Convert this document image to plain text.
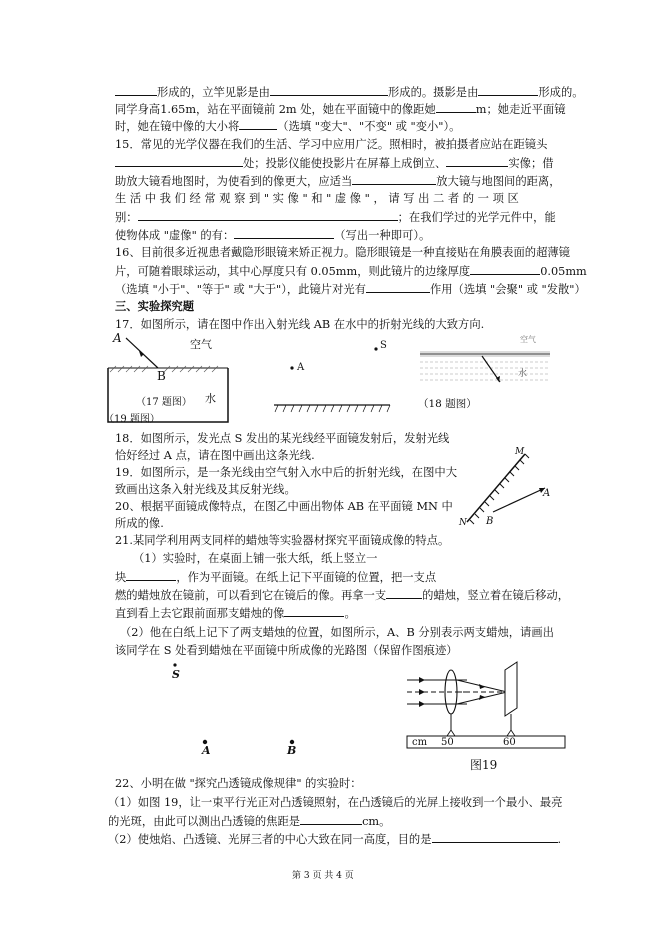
形成的，立竿见影是由	形成的。摄影是由	形成的。
同学身高1.65m，站在平面镜前 2m 处，她在平面镜中的像距她	m；她走近平面镜
时，她在镜中像的大小将	（选填 "变大"、"不变" 或 "变小"）。
15．常见的光学仪器在我们的生活、学习中应用广泛。照相时，被拍摄者应站在距镜头
处；投影仪能使投影片在屏幕上成倒立、	实像；借
助放大镜看地图时，为使看到的像更大，应适当	放大镜与地图间的距离，
生 活 中 我 们 经 常 观 察 到 " 实 像 " 和 " 虚 像 " ， 请 写 出 二 者 的 一 项 区
别：	；在我们学过的光学元件中，能
使物体成 "虚像" 的有：	（写出一种即可）。
16、目前很多近视患者戴隐形眼镜来矫正视力。隐形眼镜是一种直接贴在角膜表面的超薄镜
片，可随着眼球运动，其中心厚度只有 0.05mm，则此镜片的边缘厚度	0.05mm
（选填 "小于"、"等于" 或 "大于"），此镜片对光有	作用（选填 "会聚" 或 "发散"）
三、实验探究题
17．如图所示，请在图中作出入射光线 AB 在水中的折射光线的大致方向.
A
B
空气
水
（17 题图）
（19 题图）
S
A
空气
水
（18 题图）
18．如图所示，发光点 S 发出的某光线经平面镜发射后，发射光线
恰好经过 A 点，请在图中画出这条光线.
19．如图所示，是一条光线由空气射入水中后的折射光线，在图中大
致画出这条入射光线及其反射光线。
20、根据平面镜成像特点，在图乙中画出物体 AB 在平面镜 MN 中
所成的像.
M
N
A
B
21.某同学利用两支同样的蜡烛等实验器材探究平面镜成像的特点。
（1）实验时，在桌面上铺一张大纸，纸上竖立一
块	，作为平面镜。在纸上记下平面镜的位置，把一支点
燃的蜡烛放在镜前，可以看到它在镜后的像。再拿一支	的蜡烛，竖立着在镜后移动，
直到看上去它跟前面那支蜡烛的像	。
（2）他在白纸上记下了两支蜡烛的位置，如图所示，A、B 分别表示两支蜡烛，请画出
该同学在 S 处看到蜡烛在平面镜中所成像的光路图（保留作图痕迹）
S
A	B
cm 50	60
图19
22、小明在做 "探究凸透镜成像规律" 的实验时：
（1）如图 19，让一束平行光正对凸透镜照射，在凸透镜后的光屏上接收到一个最小、最亮
的光斑，由此可以测出凸透镜的焦距是	cm。
（2）使烛焰、凸透镜、光屏三者的中心大致在同一高度，目的是	.
第 3 页 共 4 页
